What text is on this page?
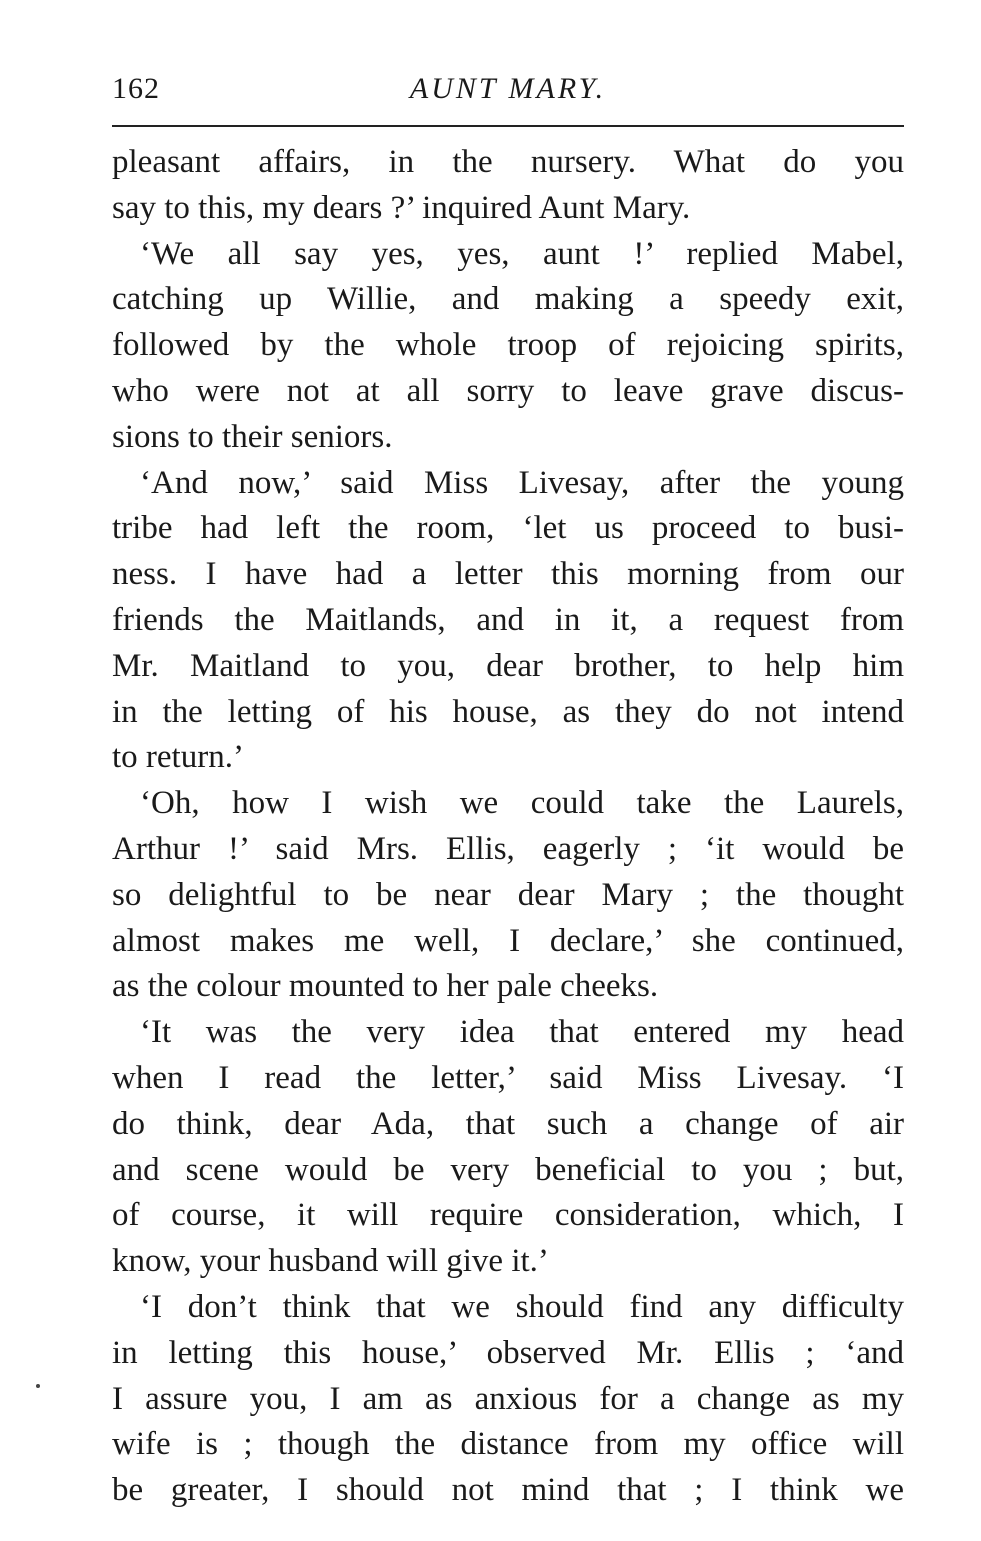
162	AUNT MARY.
pleasant affairs, in the nursery. What do you
say to this, my dears ?’ inquired Aunt Mary.
‘We all say yes, yes, aunt !’ replied Mabel,
catching up Willie, and making a speedy exit,
followed by the whole troop of rejoicing spirits,
who were not at all sorry to leave grave discus-
sions to their seniors.
‘And now,’ said Miss Livesay, after the young
tribe had left the room, ‘let us proceed to busi-
ness. I have had a letter this morning from our
friends the Maitlands, and in it, a request from
Mr. Maitland to you, dear brother, to help him
in the letting of his house, as they do not intend
to return.’
‘Oh, how I wish we could take the Laurels,
Arthur !’ said Mrs. Ellis, eagerly ; ‘it would be
so delightful to be near dear Mary ; the thought
almost makes me well, I declare,’ she continued,
as the colour mounted to her pale cheeks.
‘It was the very idea that entered my head
when I read the letter,’ said Miss Livesay. ‘I
do think, dear Ada, that such a change of air
and scene would be very beneficial to you ; but,
of course, it will require consideration, which, I
know, your husband will give it.’
‘I don’t think that we should find any difficulty
in letting this house,’ observed Mr. Ellis ; ‘and
I assure you, I am as anxious for a change as my
wife is ; though the distance from my office will
be greater, I should not mind that ; I think we
